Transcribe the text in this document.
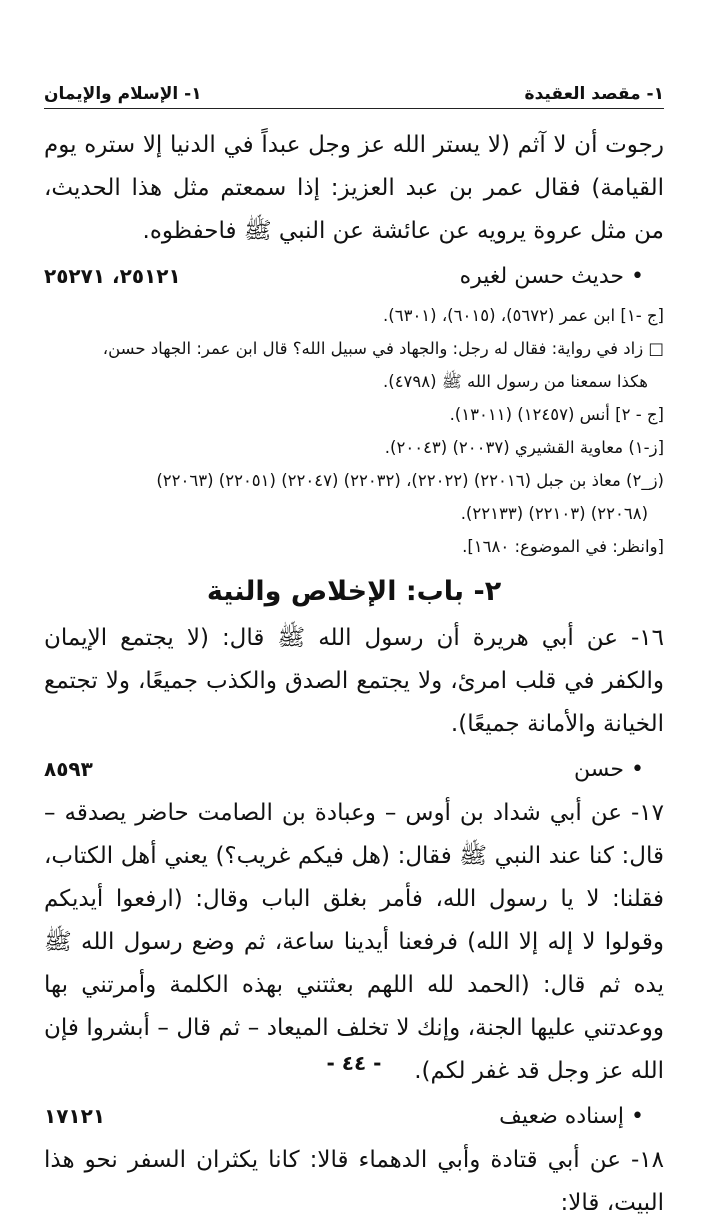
١- مقصد العقيدة
١- الإسلام والإيمان

رجوت أن لا آثم (لا يستر الله عز وجل عبداً في الدنيا إلا ستره يوم القيامة) فقال عمر بن عبد العزيز: إذا سمعتم مثل هذا الحديث، من مثل عروة يرويه عن عائشة عن النبي ﷺ فاحفظوه.

• حديث حسن لغيره
٢٥١٢١، ٢٥٢٧١

[ج -١] ابن عمر (٥٦٧٢)، (٦٠١٥)، (٦٣٠١).

□ زاد في رواية: فقال له رجل: والجهاد في سبيل الله؟ قال ابن عمر: الجهاد حسن،

هكذا سمعنا من رسول الله ﷺ (٤٧٩٨).

[ج - ٢] أنس (١٢٤٥٧) (١٣٠١١).

[ز-١) معاوية القشيري (٢٠٠٣٧) (٢٠٠٤٣).

(ز_٢) معاذ بن جبل (٢٢٠١٦) (٢٢٠٢٢)، (٢٢٠٣٢) (٢٢٠٤٧) (٢٢٠٥١) (٢٢٠٦٣)

(٢٢٠٦٨) (٢٢١٠٣) (٢٢١٣٣).

[وانظر: في الموضوع: ١٦٨٠].

٢- باب: الإخلاص والنية

١٦- عن أبي هريرة أن رسول الله ﷺ قال: (لا يجتمع الإيمان والكفر في قلب امرئ، ولا يجتمع الصدق والكذب جميعًا، ولا تجتمع الخيانة والأمانة جميعًا).

• حسن
٨٥٩٣

١٧- عن أبي شداد بن أوس – وعبادة بن الصامت حاضر يصدقه – قال: كنا عند النبي ﷺ فقال: (هل فيكم غريب؟) يعني أهل الكتاب، فقلنا: لا يا رسول الله، فأمر بغلق الباب وقال: (ارفعوا أيديكم وقولوا لا إله إلا الله) فرفعنا أيدينا ساعة، ثم وضع رسول الله ﷺ يده ثم قال: (الحمد لله اللهم بعثتني بهذه الكلمة وأمرتني بها ووعدتني عليها الجنة، وإنك لا تخلف الميعاد – ثم قال – أبشروا فإن الله عز وجل قد غفر لكم).

• إسناده ضعيف
١٧١٢١

١٨- عن أبي قتادة وأبي الدهماء قالا: كانا يكثران السفر نحو هذا البيت، قالا:

- ٤٤ -
